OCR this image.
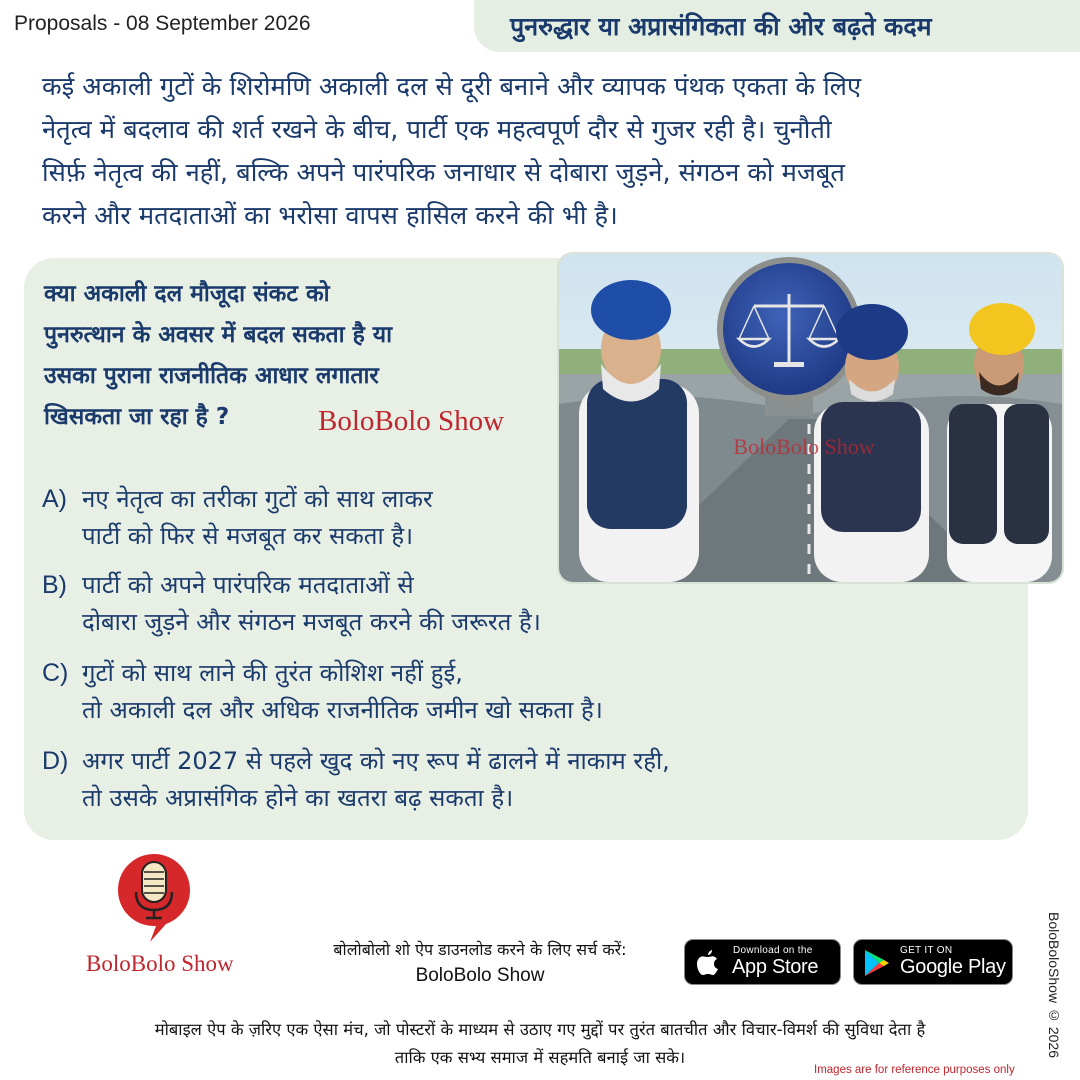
Proposals - 08 September 2026	पुनरुद्धार या अप्रासंगिकता की ओर बढ़ते कदम

कई अकाली गुटों के शिरोमणि अकाली दल से दूरी बनाने और व्यापक पंथक एकता के लिए
नेतृत्व में बदलाव की शर्त रखने के बीच, पार्टी एक महत्वपूर्ण दौर से गुजर रही है। चुनौती
सिर्फ़ नेतृत्व की नहीं, बल्कि अपने पारंपरिक जनाधार से दोबारा जुड़ने, संगठन को मजबूत
करने और मतदाताओं का भरोसा वापस हासिल करने की भी है।

क्या अकाली दल मौजूदा संकट को
पुनरुत्थान के अवसर में बदल सकता है या
उसका पुराना राजनीतिक आधार लगातार
खिसकता जा रहा है ?	BoloBolo Show
BoloBolo Show
A) नए नेतृत्व का तरीका गुटों को साथ लाकर
पार्टी को फिर से मजबूत कर सकता है।
B) पार्टी को अपने पारंपरिक मतदाताओं से
दोबारा जुड़ने और संगठन मजबूत करने की जरूरत है।
C) गुटों को साथ लाने की तुरंत कोशिश नहीं हुई,
तो अकाली दल और अधिक राजनीतिक जमीन खो सकता है।
D) अगर पार्टी 2027 से पहले खुद को नए रूप में ढालने में नाकाम रही,
तो उसके अप्रासंगिक होने का खतरा बढ़ सकता है।
BoloBolo Show
बोलोबोलो शो ऐप डाउनलोड करने के लिए सर्च करें:
BoloBolo Show
Download on the
App Store
GET IT ON
Google Play
मोबाइल ऐप के ज़रिए एक ऐसा मंच, जो पोस्टरों के माध्यम से उठाए गए मुद्दों पर तुरंत बातचीत और विचार-विमर्श की सुविधा देता है
ताकि एक सभ्य समाज में सहमति बनाई जा सके।	BoloBoloShow © 2026
Images are for reference purposes only
